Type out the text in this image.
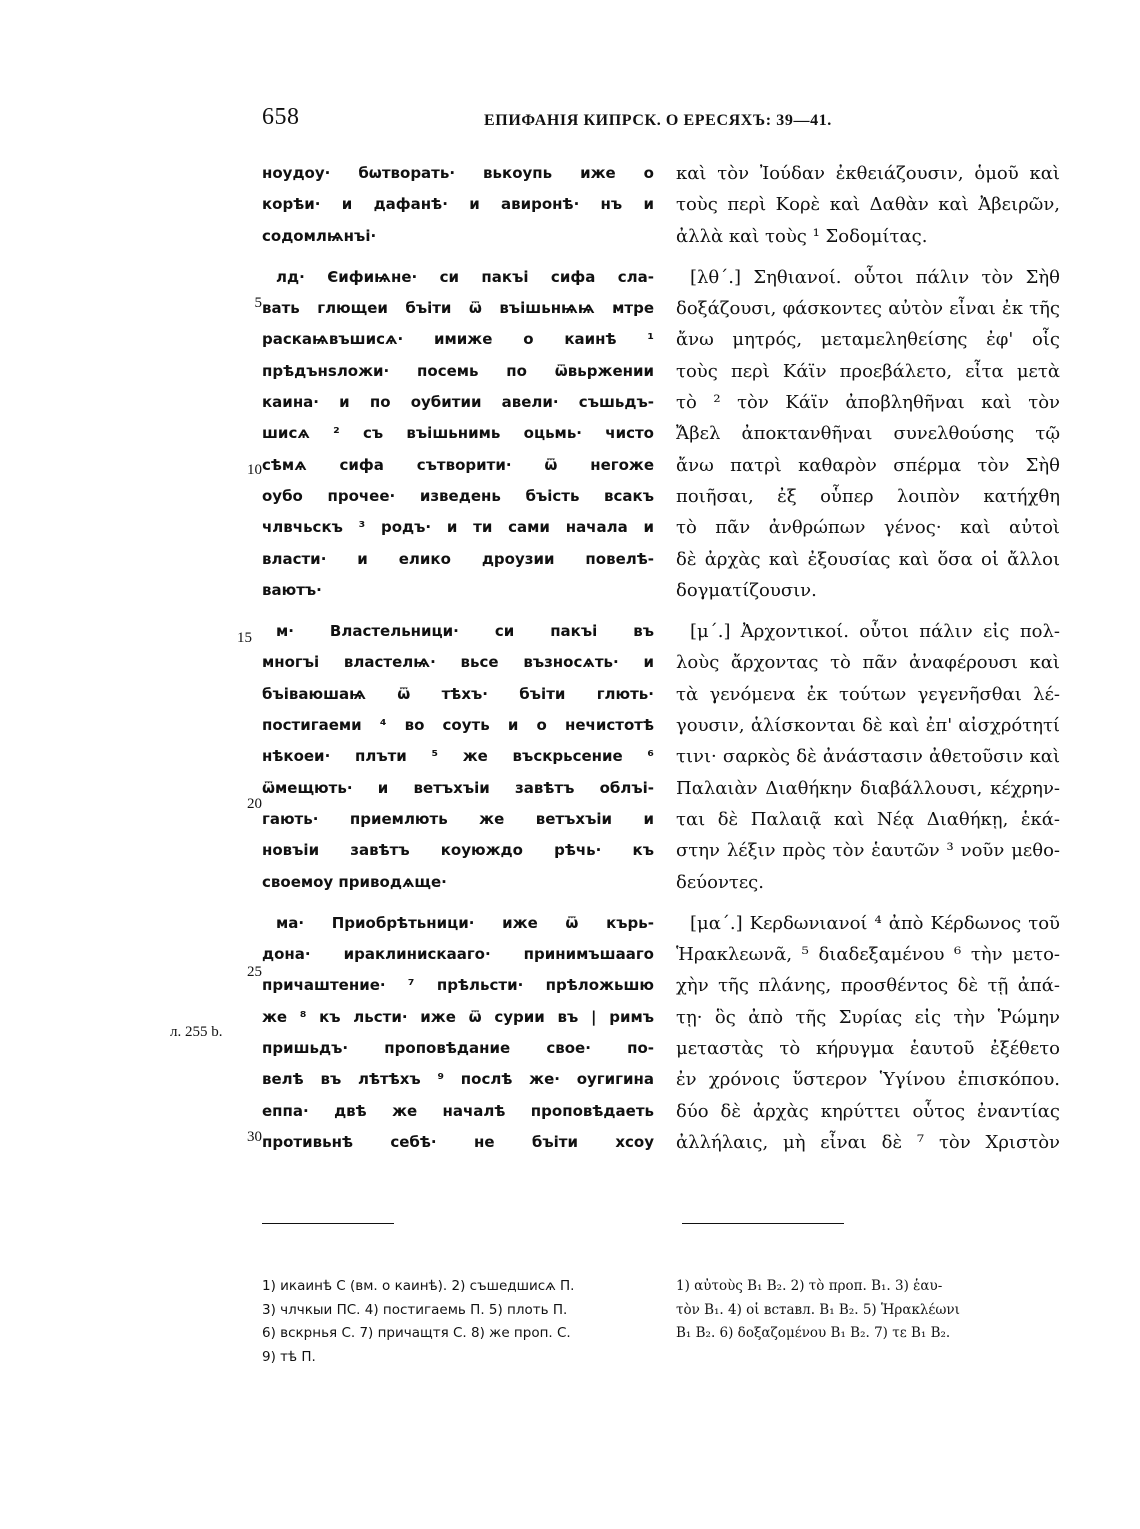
658	ЕПИФАНІЯ КИПРСК. О ЕРЕСЯХЪ: 39—41.
5
10
15
20
25
30
л. 255 b.
ноудоу· бѡтворать· вькоупь иже о
корѣи· и дафанѣ· и авиронѣ· нъ и
содомлѩнъі·
лд· Єифиѩне· си пакъі сифа сла-
вать глющеи бъіти ѿ въішьнѩѩ мтре
раскаѩвъшисѧ· имиже о каинѣ ¹
прѣдънѕложи· посемь по ѿвьржении
каина· и по оубитии авели· съшьдъ-
шисѧ ² съ въішьнимь оцьмь· чисто
сѣмѧ сифа сътворити· ѿ негоже
оубо прочее· изведень бъість всакъ
члвчьскъ ³ родъ· и ти сами начала и
власти· и елико дроузии повелѣ-
ваютъ·
м· Властельници· си пакъі въ
многъі властелѩ· вьсе възносѧть· и
бъіваюшаѩ ѿ тѣхъ· бъіти глють·
постигаеми ⁴ во соуть и о нечистотѣ
нѣкоеи· плъти ⁵ же въскрьсение ⁶
ѿмещють· и ветъхъіи завѣтъ облъі-
гають· приемлють же ветъхъіи и
новъіи завѣтъ коуюждо рѣчь· къ
своемоу приводѧще·
ма· Приобрѣтьници· иже ѿ кърь-
дона· ираклинискааго· принимъшааго
причаштение· ⁷ прѣльсти· прѣложьшю
же ⁸ къ льсти· иже ѿ сурии въ | римъ
пришьдъ· проповѣдание свое· по-
велѣ въ лѣтѣхъ ⁹ послѣ же· оугигина
еппа· двѣ же началѣ проповѣдаеть
противьнѣ себѣ· не бъіти хсоу
καὶ τὸν Ἰούδαν ἐκθειάζουσιν, ὁμοῦ καὶ
τοὺς περὶ Κορὲ καὶ Δαθὰν καὶ Ἀβειρῶν,
ἀλλὰ καὶ τοὺς ¹ Σοδομίτας.
[λθ´.] Σηθιανοί. οὗτοι πάλιν τὸν Σὴθ
δοξάζουσι, φάσκοντες αὐτὸν εἶναι ἐκ τῆς
ἄνω μητρός, μεταμεληθείσης ἐφ' οἷς
τοὺς περὶ Κάϊν προεβάλετο, εἶτα μετὰ
τὸ ² τὸν Κάϊν ἀποβληθῆναι καὶ τὸν
Ἄβελ ἀποκτανθῆναι συνελθούσης τῷ
ἄνω πατρὶ καθαρὸν σπέρμα τὸν Σὴθ
ποιῆσαι, ἐξ οὗπερ λοιπὸν κατήχθη
τὸ πᾶν ἀνθρώπων γένος· καὶ αὐτοὶ
δὲ ἀρχὰς καὶ ἐξουσίας καὶ ὅσα οἱ ἄλλοι
δογματίζουσιν.
[μ´.] Ἀρχοντικοί. οὗτοι πάλιν εἰς πολ-
λοὺς ἄρχοντας τὸ πᾶν ἀναφέρουσι καὶ
τὰ γενόμενα ἐκ τούτων γεγενῆσθαι λέ-
γουσιν, ἁλίσκονται δὲ καὶ ἐπ' αἰσχρότητί
τινι· σαρκὸς δὲ ἀνάστασιν ἀθετοῦσιν καὶ
Παλαιὰν Διαθήκην διαβάλλουσι, κέχρην-
ται δὲ Παλαιᾷ καὶ Νέᾳ Διαθήκῃ, ἑκά-
στην λέξιν πρὸς τὸν ἑαυτῶν ³ νοῦν μεθο-
δεύοντες.
[μα´.] Κερδωνιανοί ⁴ ἀπὸ Κέρδωνος τοῦ
Ἡρακλεωνᾶ, ⁵ διαδεξαμένου ⁶ τὴν μετο-
χὴν τῆς πλάνης, προσθέντος δὲ τῇ ἀπά-
τῃ· ὃς ἀπὸ τῆς Συρίας εἰς τὴν Ῥώμην
μεταστὰς τὸ κήρυγμα ἑαυτοῦ ἐξέθετο
ἐν χρόνοις ὕστερον Ὑγίνου ἐπισκόπου.
δύο δὲ ἀρχὰς κηρύττει οὗτος ἐναντίας
ἀλλήλαις, μὴ εἶναι δὲ ⁷ τὸν Χριστὸν
1) икаинѣ С (вм. о каинѣ). 2) съшедшисѧ П.
3) члчкыи ПС. 4) постигаемь П. 5) плоть П.
6) вскрнья С. 7) причащтя С. 8) же проп. С.
9) тѣ П.
1) αὐτοὺς B₁ B₂. 2) τὸ προπ. B₁. 3) ἑαυ-
τὸν B₁. 4) οἱ вставл. B₁ B₂. 5) Ἡρακλέωνι
B₁ B₂. 6) δοξαζομένου B₁ B₂. 7) τε B₁ B₂.
